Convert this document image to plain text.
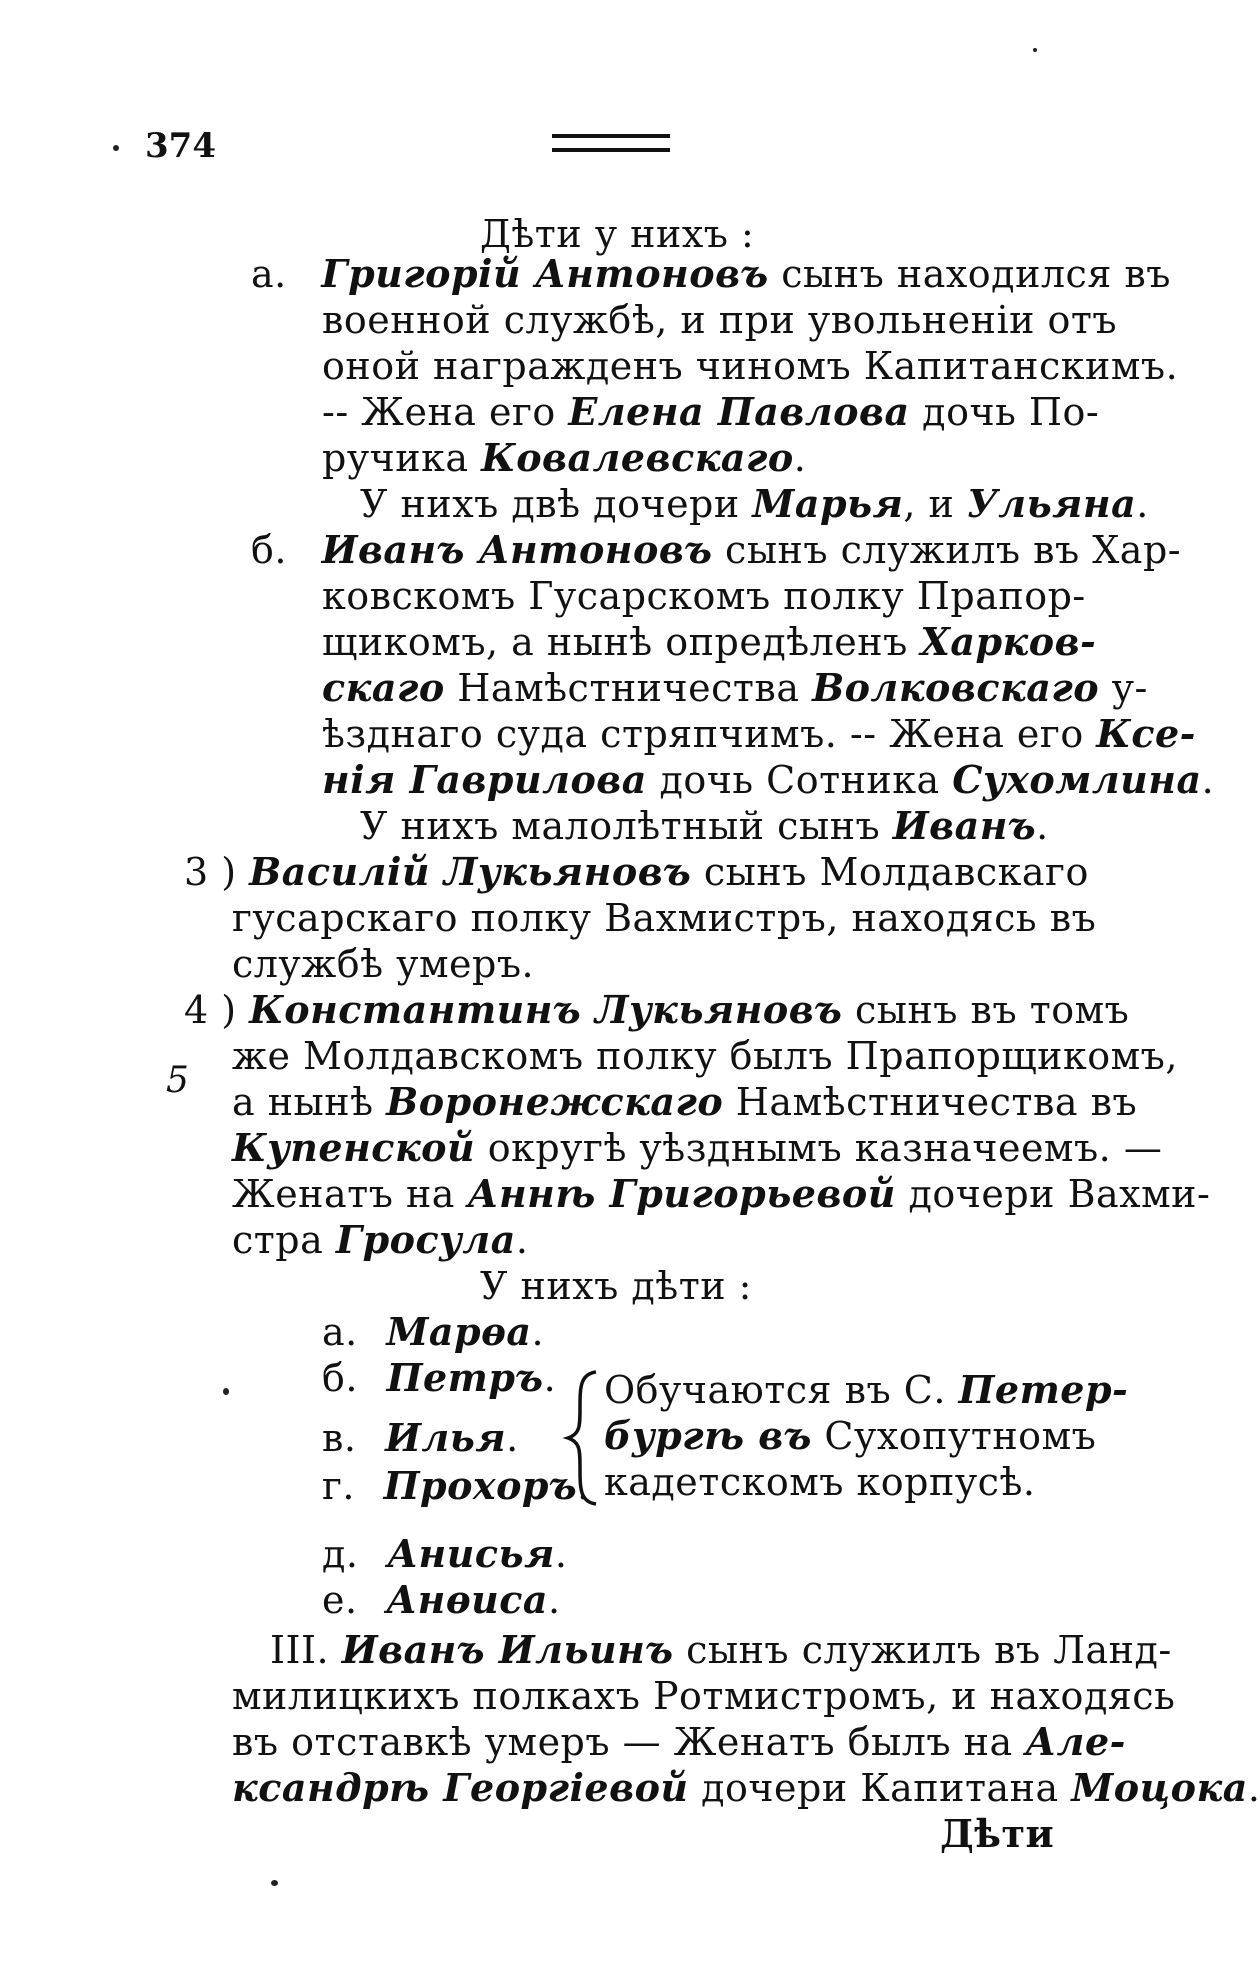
374
Дѣти у нихъ :
а. Григорій Антоновъ сынъ находился въ
военной службѣ, и при увольненіи отъ
оной награжденъ чиномъ Капитанскимъ.
-- Жена его Елена Павлова дочь По-
ручика Ковалевскаго.
У нихъ двѣ дочери Марья, и Ульяна.
б. Иванъ Антоновъ сынъ служилъ въ Хар-
ковскомъ Гусарскомъ полку Прапор-
щикомъ, а нынѣ опредѣленъ Харков-
скаго Намѣстничества Волковскаго у-
ѣзднаго суда стряпчимъ. -- Жена его Ксе-
нія Гавриловa дочь Сотника Сухомлина.
У нихъ малолѣтный сынъ Иванъ.
3 ) Василій Лукьяновъ сынъ Молдавскаго
гусарскаго полку Вахмистръ, находясь въ
службѣ умеръ.
4 ) Константинъ Лукьяновъ сынъ въ томъ
же Молдавскомъ полку былъ Прапорщикомъ,
5 а нынѣ Воронежскаго Намѣстничества въ
Купенской округѣ уѣзднымъ казначеемъ. —
Женатъ на Аннѣ Григорьевой дочери Вахми-
стра Гросула.
У нихъ дѣти :
а. Марѳа.
б. Петръ.
в. Илья.
г. Прохоръ.
Обучаются въ С. Петер-
бургѣ въ Сухопутномъ
кадетскомъ корпусѣ.
д. Анисья.
е. Анѳиса.
III. Иванъ Ильинъ сынъ служилъ въ Ланд-
милицкихъ полкахъ Ротмистромъ, и находясь
въ отставкѣ умеръ — Женатъ былъ на Але-
ксандрѣ Георгіевой дочери Капитана Моцока.
Дѣти
